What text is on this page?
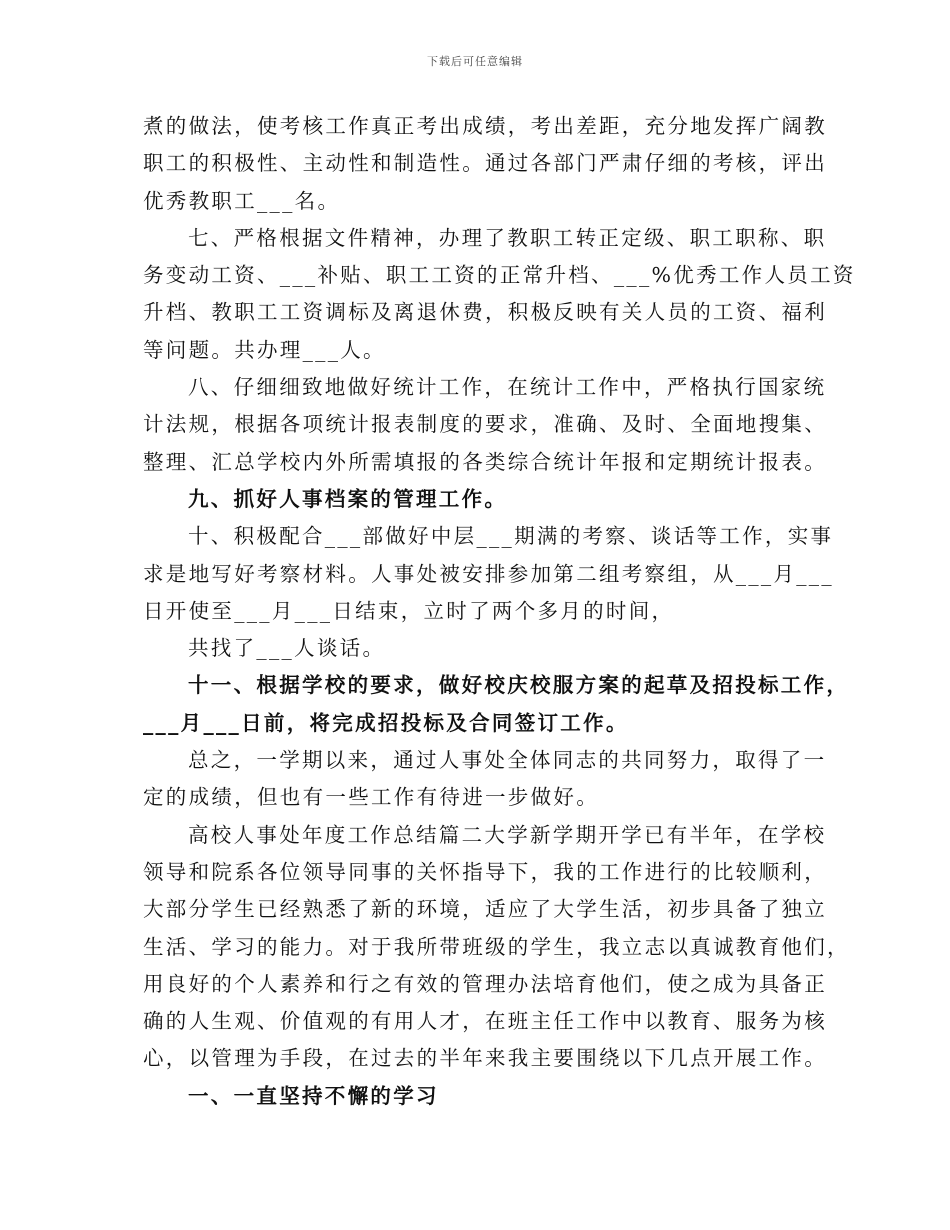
下载后可任意编辑
煮的做法，使考核工作真正考出成绩，考出差距，充分地发挥广阔教
职工的积极性、主动性和制造性。通过各部门严肃仔细的考核，评出
优秀教职工___名。
七、严格根据文件精神，办理了教职工转正定级、职工职称、职
务变动工资、___补贴、职工工资的正常升档、___%优秀工作人员工资
升档、教职工工资调标及离退休费，积极反映有关人员的工资、福利
等问题。共办理___人。
八、仔细细致地做好统计工作，在统计工作中，严格执行国家统
计法规，根据各项统计报表制度的要求，准确、及时、全面地搜集、
整理、汇总学校内外所需填报的各类综合统计年报和定期统计报表。
九、抓好人事档案的管理工作。
十、积极配合___部做好中层___期满的考察、谈话等工作，实事
求是地写好考察材料。人事处被安排参加第二组考察组，从___月___
日开使至___月___日结束，立时了两个多月的时间，
共找了___人谈话。
十一、根据学校的要求，做好校庆校服方案的起草及招投标工作，
___月___日前，将完成招投标及合同签订工作。
总之，一学期以来，通过人事处全体同志的共同努力，取得了一
定的成绩，但也有一些工作有待进一步做好。
高校人事处年度工作总结篇二大学新学期开学已有半年，在学校
领导和院系各位领导同事的关怀指导下，我的工作进行的比较顺利，
大部分学生已经熟悉了新的环境，适应了大学生活，初步具备了独立
生活、学习的能力。对于我所带班级的学生，我立志以真诚教育他们，
用良好的个人素养和行之有效的管理办法培育他们，使之成为具备正
确的人生观、价值观的有用人才，在班主任工作中以教育、服务为核
心，以管理为手段，在过去的半年来我主要围绕以下几点开展工作。
一、一直坚持不懈的学习
